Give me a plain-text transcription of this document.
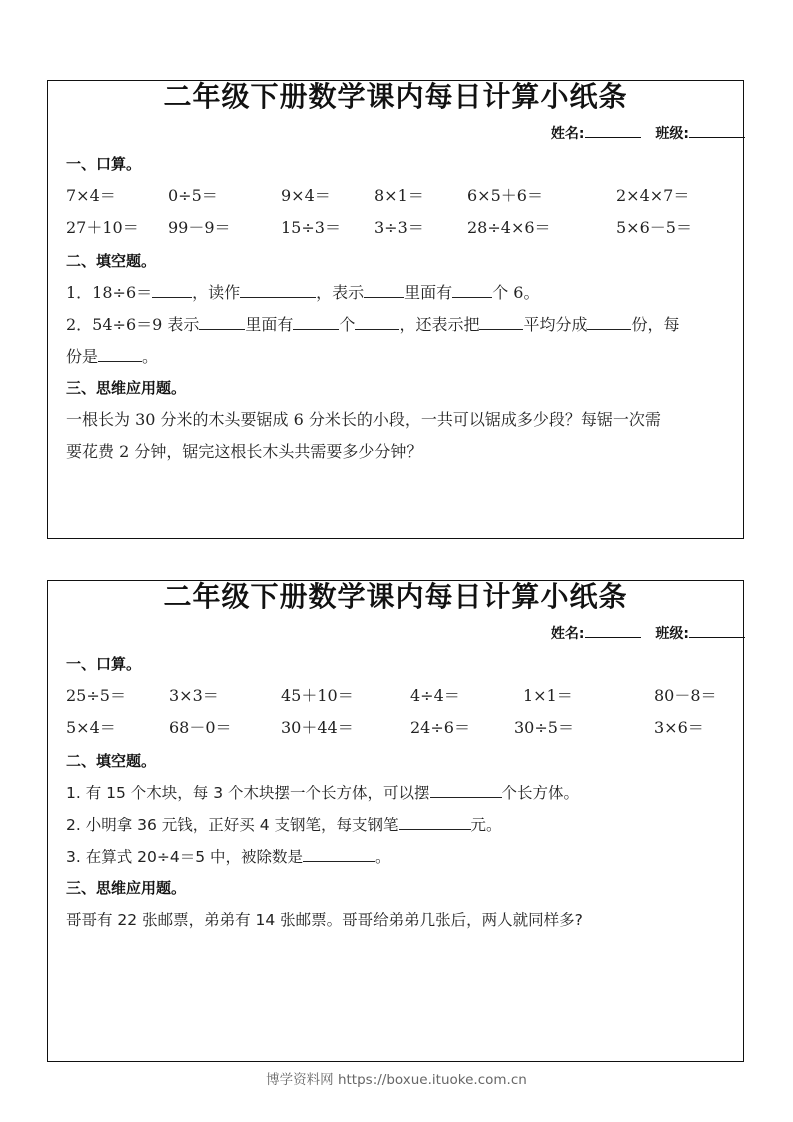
二年级下册数学课内每日计算小纸条
姓名:	班级:
一、口算。
7×4＝	0÷5＝	9×4＝	8×1＝	6×5＋6＝	2×4×7＝
27＋10＝ 99－9＝	15÷3＝ 3÷3＝	28÷4×6＝	5×6－5＝
二、填空题。
1．18÷6＝	，读作	，表示	里面有	个 6。
2．54÷6＝9 表示	里面有	个	，还表示把	平均分成	份，每
份是	。
三、思维应用题。
一根长为 30 分米的木头要锯成 6 分米长的小段，一共可以锯成多少段？每锯一次需
要花费 2 分钟，锯完这根长木头共需要多少分钟？
二年级下册数学课内每日计算小纸条
姓名:	班级:
一、口算。
25÷5＝	3×3＝	45＋10＝	4÷4＝	1×1＝	80－8＝
5×4＝	68－0＝	30＋44＝	24÷6＝	30÷5＝	3×6＝
二、填空题。
1. 有 15 个木块，每 3 个木块摆一个长方体，可以摆	个长方体。
2. 小明拿 36 元钱，正好买 4 支钢笔，每支钢笔	元。
3. 在算式 20÷4＝5 中，被除数是	。
三、思维应用题。
哥哥有 22 张邮票，弟弟有 14 张邮票。哥哥给弟弟几张后，两人就同样多?
博学资料网 https://boxue.ituoke.com.cn
